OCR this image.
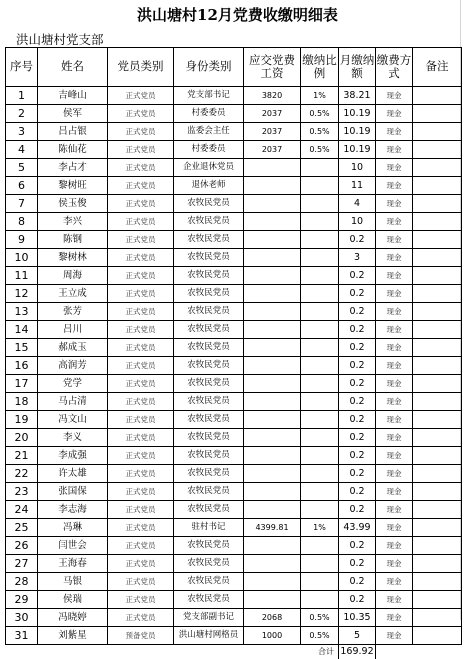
洪山塘村12月党费收缴明细表
洪山塘村党支部
序号	姓名	党员类别	身份类别	应交党费工资	缴纳比例	月缴纳额	缴费方式	备注
1	吉峰山	正式党员	党支部书记	3820	1%	38.21	现金	
2	侯军	正式党员	村委委员	2037	0.5%	10.19	现金	
3	吕占银	正式党员	监委会主任	2037	0.5%	10.19	现金	
4	陈仙花	正式党员	村委委员	2037	0.5%	10.19	现金	
5	李占才	正式党员	企业退休党员			10	现金	
6	黎树旺	正式党员	退休老师			11	现金	
7	侯玉俊	正式党员	农牧民党员			4	现金	
8	李兴	正式党员	农牧民党员			10	现金	
9	陈钢	正式党员	农牧民党员			0.2	现金	
10	黎树林	正式党员	农牧民党员			3	现金	
11	周海	正式党员	农牧民党员			0.2	现金	
12	王立成	正式党员	农牧民党员			0.2	现金	
13	张芳	正式党员	农牧民党员			0.2	现金	
14	吕川	正式党员	农牧民党员			0.2	现金	
15	郝成玉	正式党员	农牧民党员			0.2	现金	
16	高润芳	正式党员	农牧民党员			0.2	现金	
17	党学	正式党员	农牧民党员			0.2	现金	
18	马占清	正式党员	农牧民党员			0.2	现金	
19	冯文山	正式党员	农牧民党员			0.2	现金	
20	李义	正式党员	农牧民党员			0.2	现金	
21	李成强	正式党员	农牧民党员			0.2	现金	
22	许太雄	正式党员	农牧民党员			0.2	现金	
23	张国保	正式党员	农牧民党员			0.2	现金	
24	李志海	正式党员	农牧民党员			0.2	现金	
25	冯琳	正式党员	驻村书记	4399.81	1%	43.99	现金	
26	闫世会	正式党员	农牧民党员			0.2	现金	
27	王海春	正式党员	农牧民党员			0.2	现金	
28	马银	正式党员	农牧民党员			0.2	现金	
29	侯瑞	正式党员	农牧民党员			0.2	现金	
30	冯晓婷	正式党员	党支部副书记	2068	0.5%	10.35	现金	
31	刘紫星	预备党员	洪山塘村网格员	1000	0.5%	5	现金	
合计						169.92		
